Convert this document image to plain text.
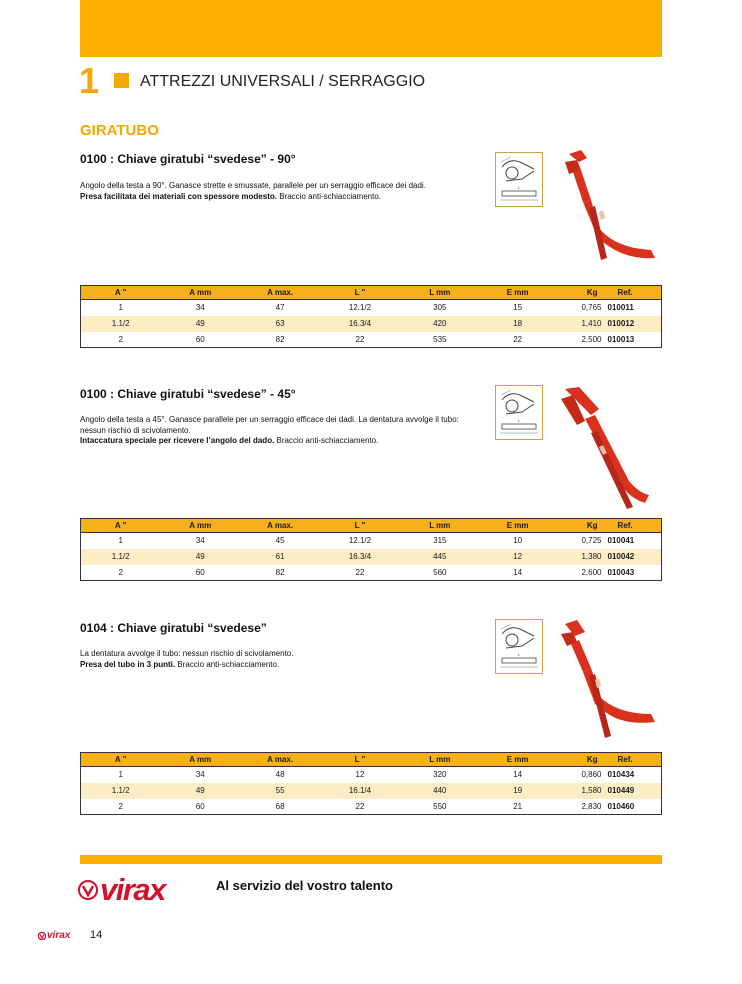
1	ATTREZZI UNIVERSALI / SERRAGGIO
GIRATUBO
0100 : Chiave giratubi “svedese” - 90°
Angolo della testa a 90°. Ganasce strette e smussate, parallele per un serraggio efficace dei dadi.
Presa facilitata dei materiali con spessore modesto. Braccio anti-schiacciamento.
L
A "	A mm	A max.	L "	L mm	E mm	Kg	Ref.
1	34	47	12.1/2	305	15	0,765	010011
1.1/2	49	63	16.3/4	420	18	1,410	010012
2	60	82	22	535	22	2,500	010013
0100 : Chiave giratubi “svedese” - 45°
Angolo della testa a 45°. Ganasce parallele per un serraggio efficace dei dadi. La dentatura avvolge il tubo: nessun rischio di scivolamento.
Intaccatura speciale per ricevere l’angolo del dado. Braccio anti-schiacciamento.
L
A "	A mm	A max.	L "	L mm	E mm	Kg	Ref.
1	34	45	12.1/2	315	10	0,725	010041
1.1/2	49	61	16.3/4	445	12	1,380	010042
2	60	82	22	560	14	2,600	010043
0104 : Chiave giratubi “svedese”
La dentatura avvolge il tubo: nessun rischio di scivolamento.
Presa del tubo in 3 punti. Braccio anti-schiacciamento.
L
A "	A mm	A max.	L "	L mm	E mm	Kg	Ref.
1	34	48	12	320	14	0,860	010434
1.1/2	49	55	16.1/4	440	19	1,580	010449
2	60	68	22	550	21	2,830	010460
virax	Al servizio del vostro talento
virax 14
